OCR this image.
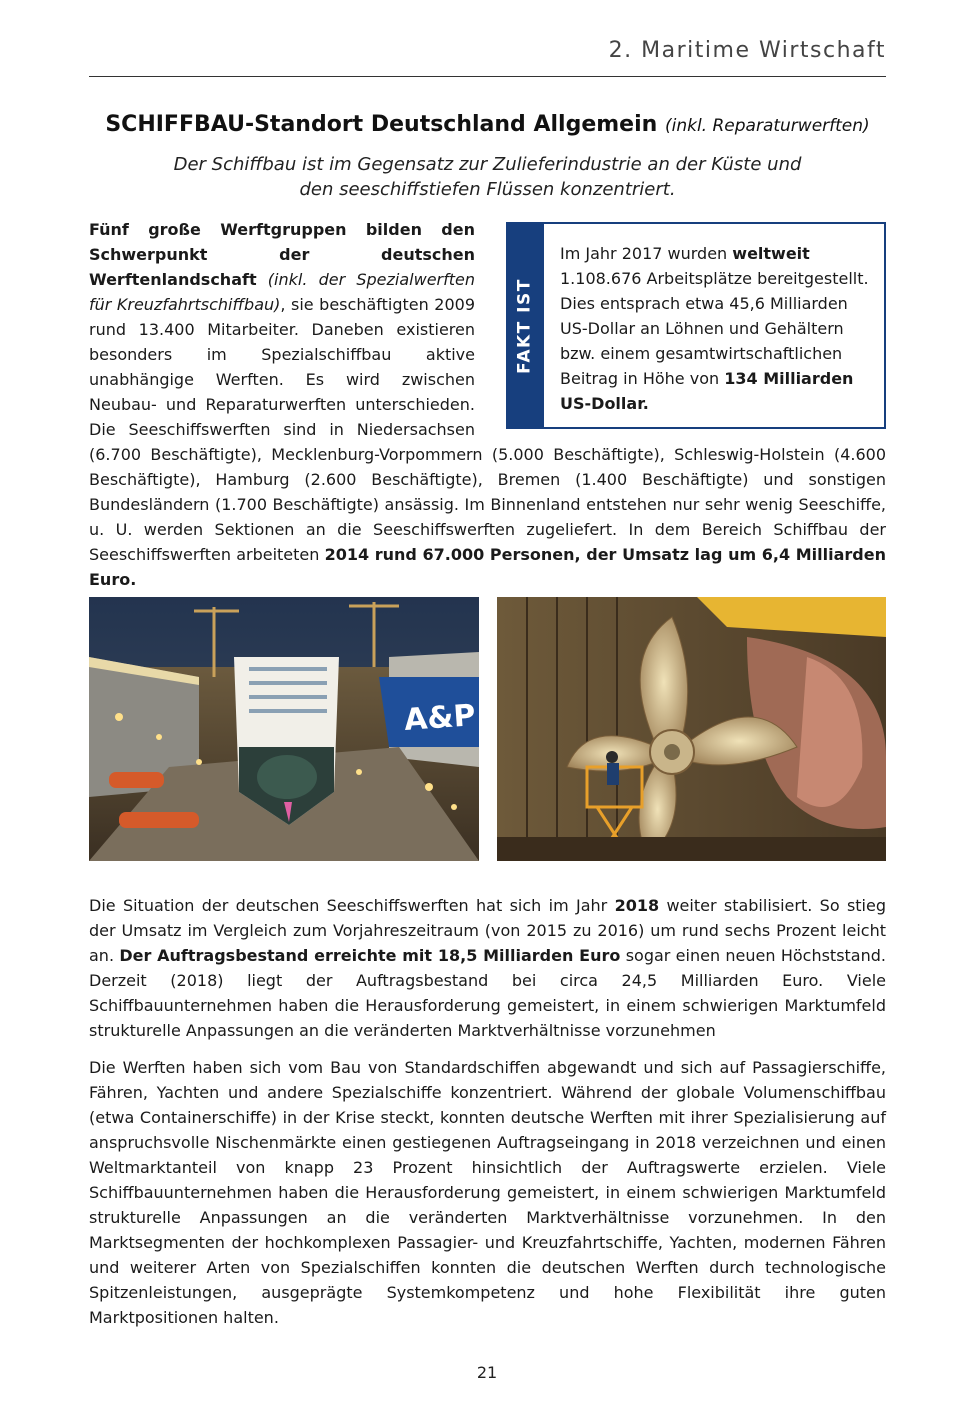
2. Maritime Wirtschaft
SCHIFFBAU-Standort Deutschland Allgemein (inkl. Reparaturwerften)
Der Schiffbau ist im Gegensatz zur Zulieferindustrie an der Küste und
den seeschiffstiefen Flüssen konzentriert.
FAKT IST
Im Jahr 2017 wurden weltweit 1.108.676 Arbeitsplätze bereitgestellt. Dies entsprach etwa 45,6 Milliarden US-Dollar an Löhnen und Gehältern bzw. einem gesamtwirtschaftlichen Beitrag in Höhe von 134 Milliarden US-Dollar.
Fünf große Werftgruppen bilden den Schwerpunkt der deutschen Werftenlandschaft (inkl. der Spezialwerften für Kreuzfahrtschiffbau), sie beschäftigten 2009 rund 13.400 Mitarbeiter. Daneben existieren besonders im Spezialschiffbau aktive unabhängige Werften. Es wird zwischen Neubau- und Reparaturwerften unterschieden. Die Seeschiffswerften sind in Niedersachsen (6.700 Beschäftigte), Mecklenburg-Vorpommern (5.000 Beschäftigte), Schleswig-Holstein (4.600 Beschäftigte), Hamburg (2.600 Beschäftigte), Bremen (1.400 Beschäftigte) und sonstigen Bundesländern (1.700 Beschäftigte) ansässig. Im Binnenland entstehen nur sehr wenig Seeschiffe, u. U. werden Sektionen an die Seeschiffswerften zugeliefert. In dem Bereich Schiffbau der Seeschiffswerften arbeiteten 2014 rund 67.000 Personen, der Umsatz lag um 6,4 Milliarden Euro.
A&P
Die Situation der deutschen Seeschiffswerften hat sich im Jahr 2018 weiter stabilisiert. So stieg der Umsatz im Vergleich zum Vorjahreszeitraum (von 2015 zu 2016) um rund sechs Prozent leicht an. Der Auftragsbestand erreichte mit 18,5 Milliarden Euro sogar einen neuen Höchststand. Derzeit (2018) liegt der Auftragsbestand bei circa 24,5 Milliarden Euro. Viele Schiffbauunternehmen haben die Herausforderung gemeistert, in einem schwierigen Marktumfeld strukturelle Anpassungen an die veränderten Marktverhältnisse vorzunehmen
Die Werften haben sich vom Bau von Standardschiffen abgewandt und sich auf Passagierschiffe, Fähren, Yachten und andere Spezialschiffe konzentriert. Während der globale Volumenschiffbau (etwa Containerschiffe) in der Krise steckt, konnten deutsche Werften mit ihrer Spezialisierung auf anspruchsvolle Nischenmärkte einen gestiegenen Auftragseingang in 2018 verzeichnen und einen Weltmarktanteil von knapp 23 Prozent hinsichtlich der Auftragswerte erzielen. Viele Schiffbauunternehmen haben die Herausforderung gemeistert, in einem schwierigen Marktumfeld strukturelle Anpassungen an die veränderten Marktverhältnisse vorzunehmen. In den Marktsegmenten der hochkomplexen Passagier- und Kreuzfahrtschiffe, Yachten, modernen Fähren und weiterer Arten von Spezialschiffen konnten die deutschen Werften durch technologische Spitzenleistungen, ausgeprägte Systemkompetenz und hohe Flexibilität ihre guten Marktpositionen halten.
21
